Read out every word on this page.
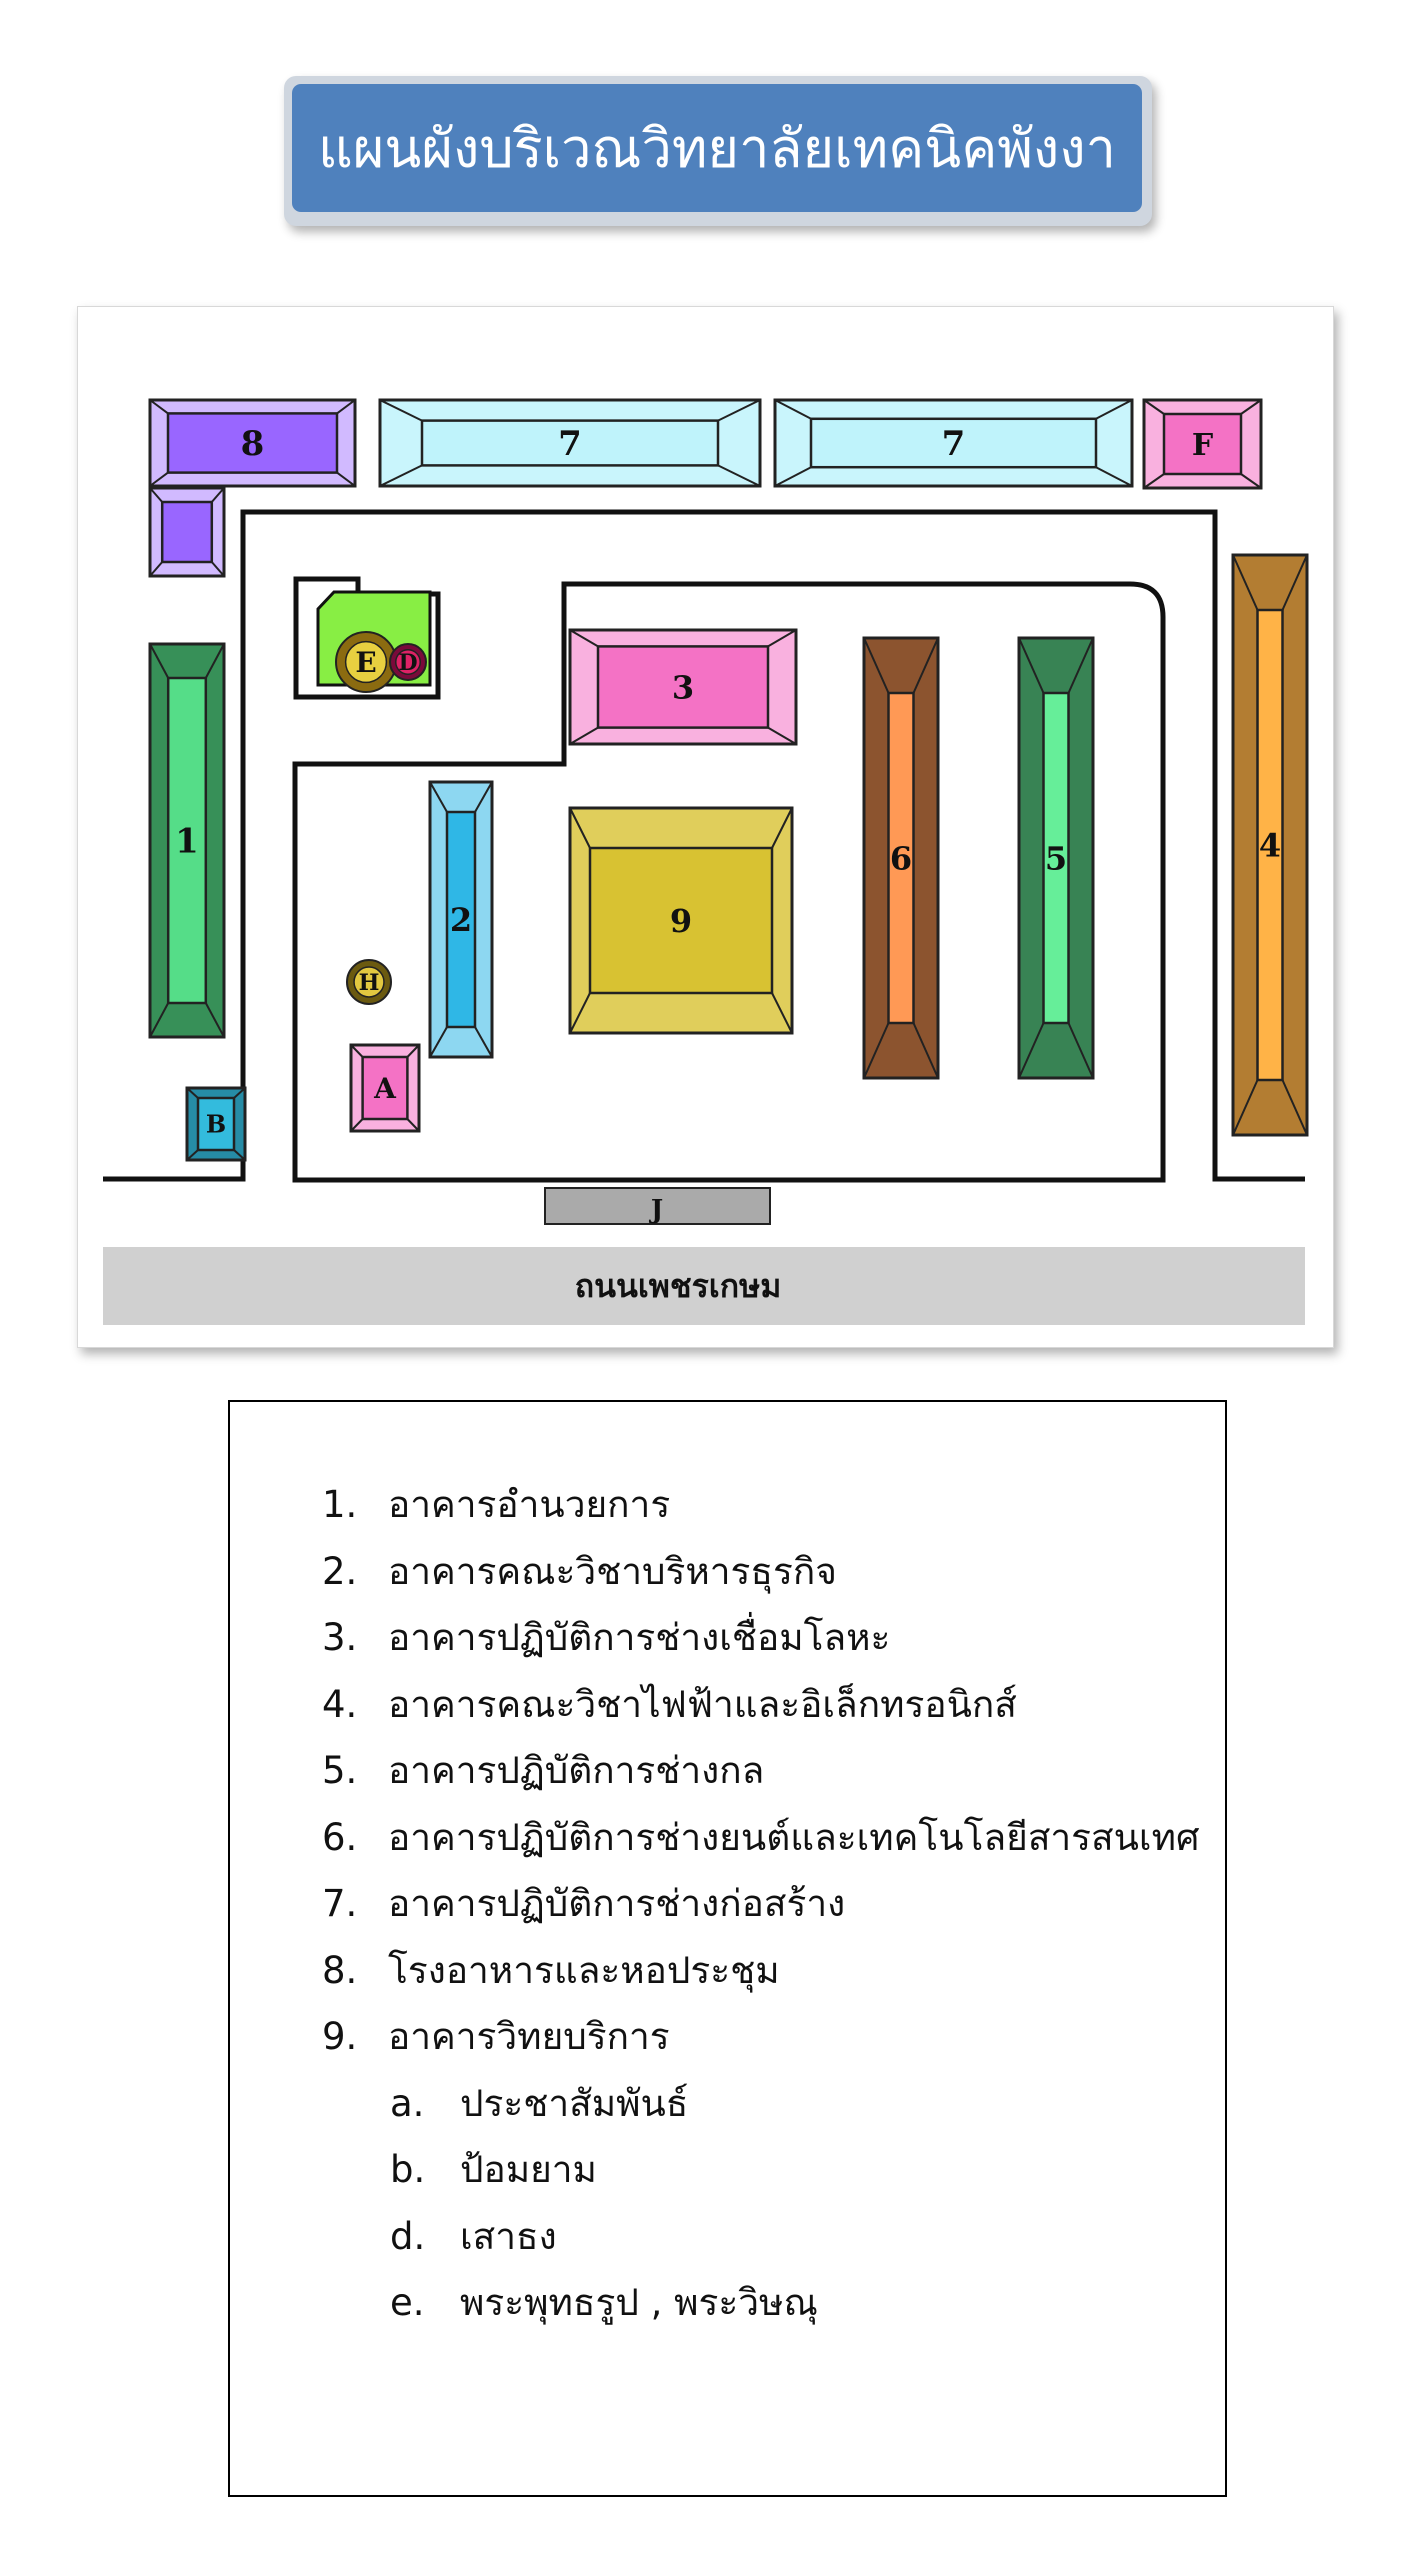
แผนผังบริเวณวิทยาลัยเทคนิคพังงา
ถนนเพชรเกษม
8	7	7	F
1
2
3
9
6	5	4
A
B
E D
H
J
1. อาคารอำนวยการ
2. อาคารคณะวิชาบริหารธุรกิจ
3. อาคารปฏิบัติการช่างเชื่อมโลหะ
4. อาคารคณะวิชาไฟฟ้าและอิเล็กทรอนิกส์
5. อาคารปฏิบัติการช่างกล
6. อาคารปฏิบัติการช่างยนต์และเทคโนโลยีสารสนเทศ
7. อาคารปฏิบัติการช่างก่อสร้าง
8. โรงอาหารและหอประชุม
9. อาคารวิทยบริการ
a. ประชาสัมพันธ์
b. ป้อมยาม
d. เสาธง
e. พระพุทธรูป , พระวิษณุ
